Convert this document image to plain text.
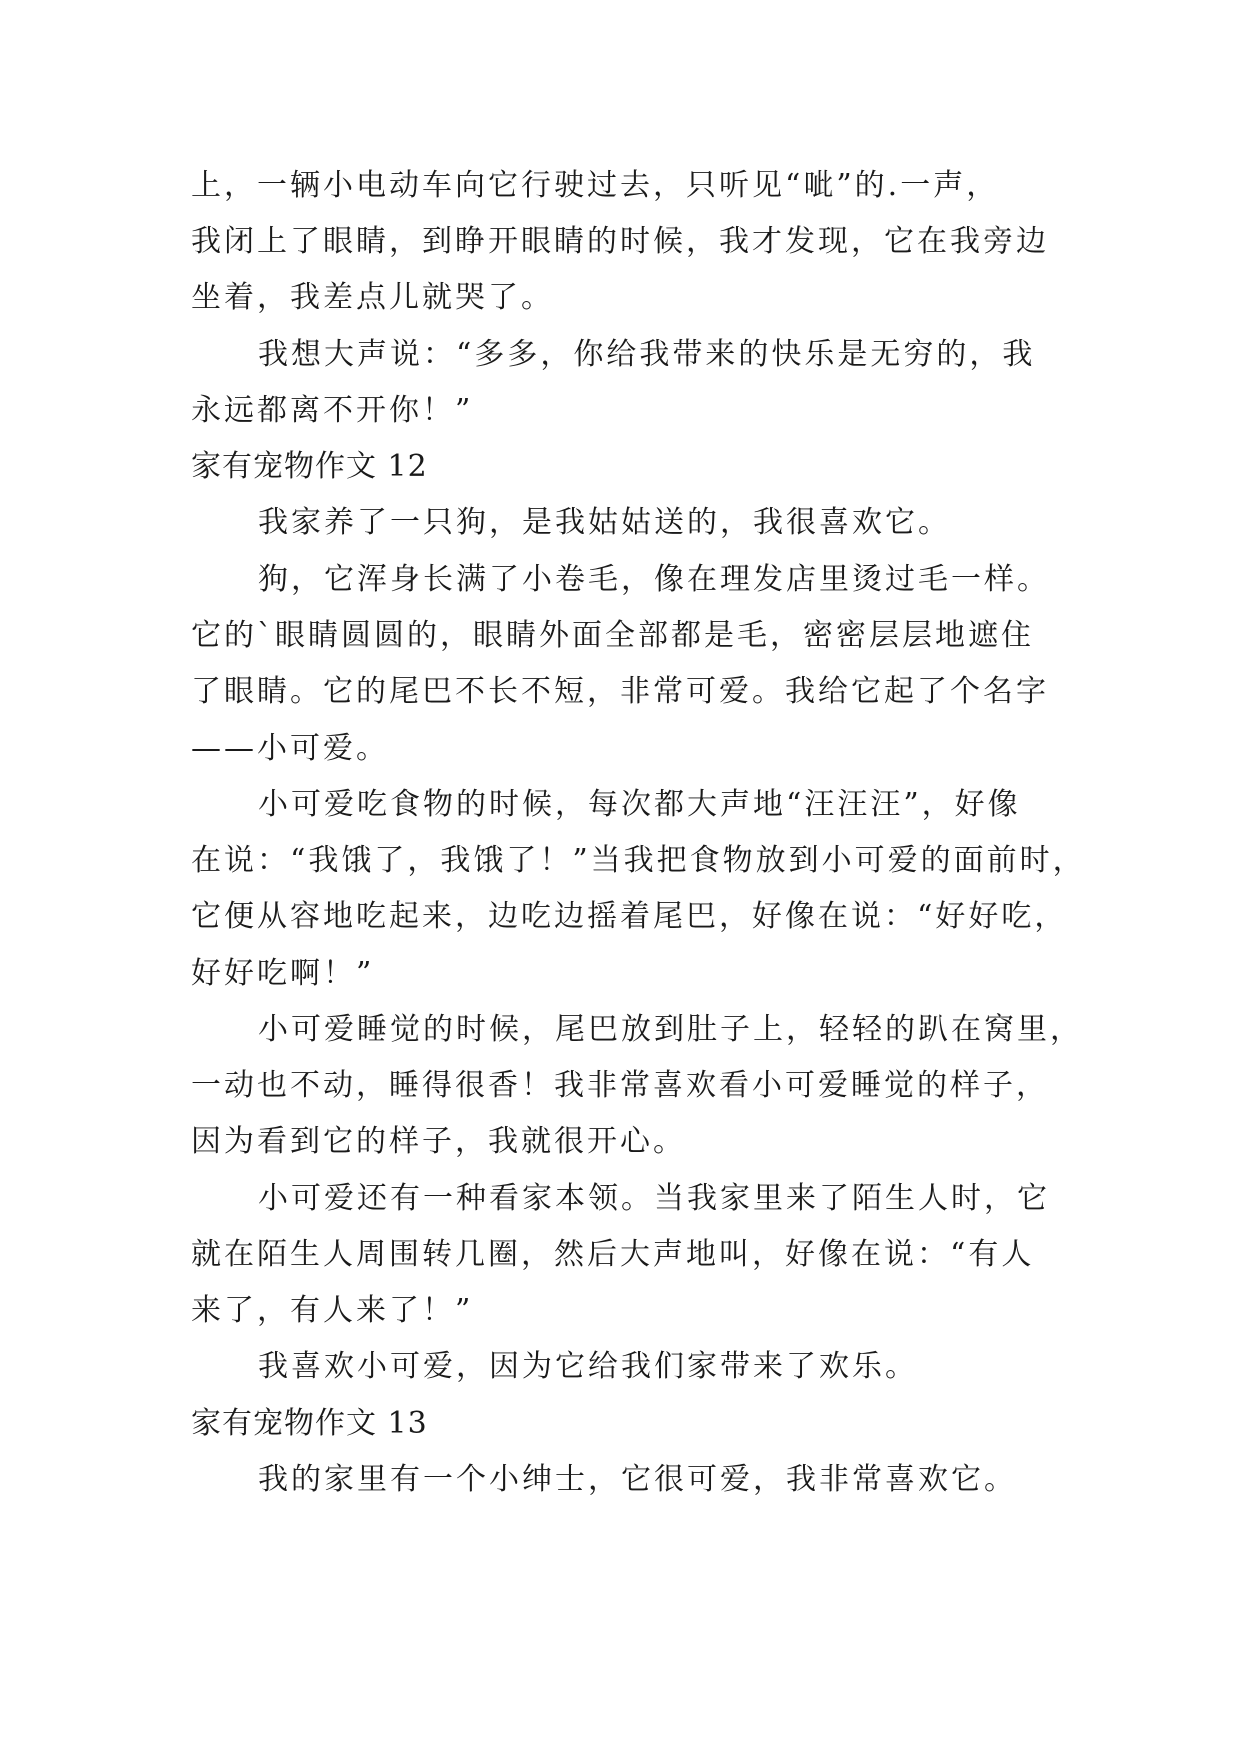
上，一辆小电动车向它行驶过去，只听见“呲”的.一声，

我闭上了眼睛，到睁开眼睛的时候，我才发现，它在我旁边

坐着，我差点儿就哭了。

我想大声说：“多多，你给我带来的快乐是无穷的，我

永远都离不开你！”

家有宠物作文 12

我家养了一只狗，是我姑姑送的，我很喜欢它。

狗，它浑身长满了小卷毛，像在理发店里烫过毛一样。

它的`眼睛圆圆的，眼睛外面全部都是毛，密密层层地遮住

了眼睛。它的尾巴不长不短，非常可爱。我给它起了个名字

——小可爱。

小可爱吃食物的时候，每次都大声地“汪汪汪”，好像

在说：“我饿了，我饿了！”当我把食物放到小可爱的面前时，

它便从容地吃起来，边吃边摇着尾巴，好像在说：“好好吃，

好好吃啊！”

小可爱睡觉的时候，尾巴放到肚子上，轻轻的趴在窝里，

一动也不动，睡得很香！我非常喜欢看小可爱睡觉的样子，

因为看到它的样子，我就很开心。

小可爱还有一种看家本领。当我家里来了陌生人时，它

就在陌生人周围转几圈，然后大声地叫，好像在说：“有人

来了，有人来了！”

我喜欢小可爱，因为它给我们家带来了欢乐。

家有宠物作文 13

我的家里有一个小绅士，它很可爱，我非常喜欢它。
